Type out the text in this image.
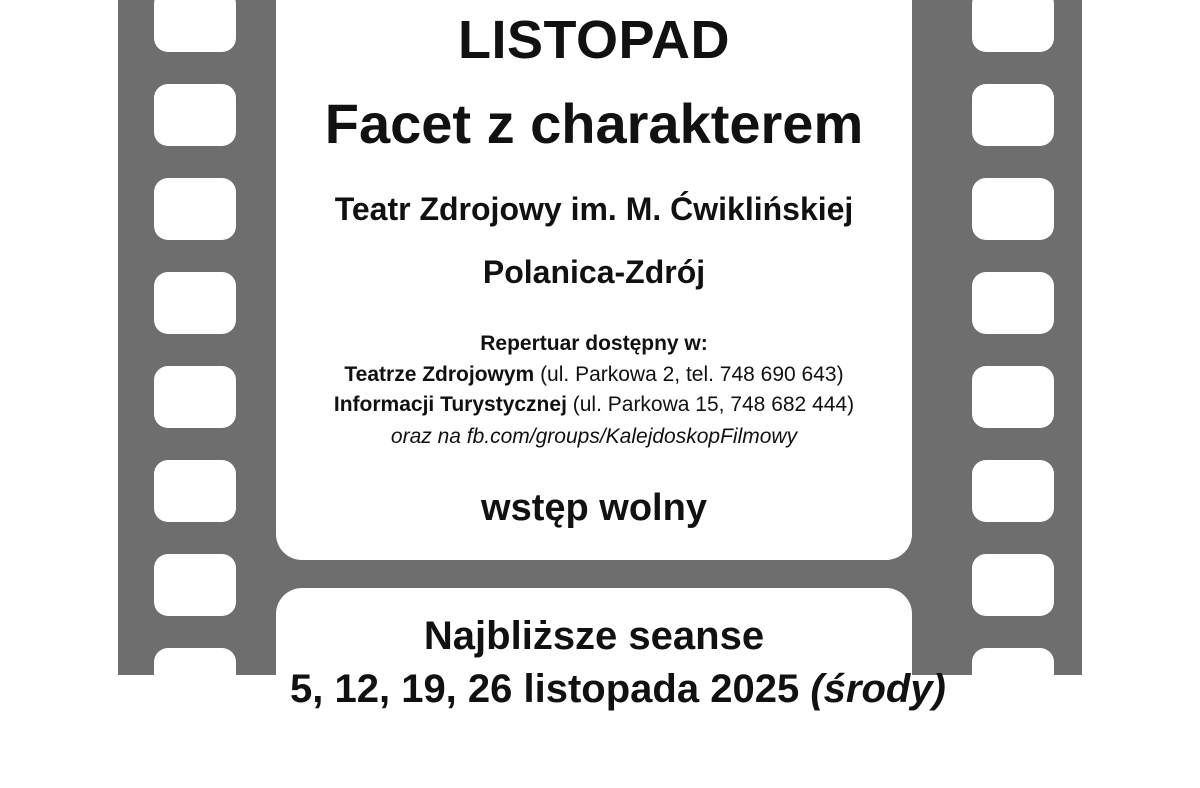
LISTOPAD
Facet z charakterem
Teatr Zdrojowy im. M. Ćwiklińskiej
Polanica-Zdrój
Repertuar dostępny w:
Teatrze Zdrojowym (ul. Parkowa 2, tel. 748 690 643)
Informacji Turystycznej (ul. Parkowa 15, 748 682 444)
oraz na fb.com/groups/KalejdoskopFilmowy
wstęp wolny
Najbliższe seanse
5, 12, 19, 26 listopada 2025 (środy)
